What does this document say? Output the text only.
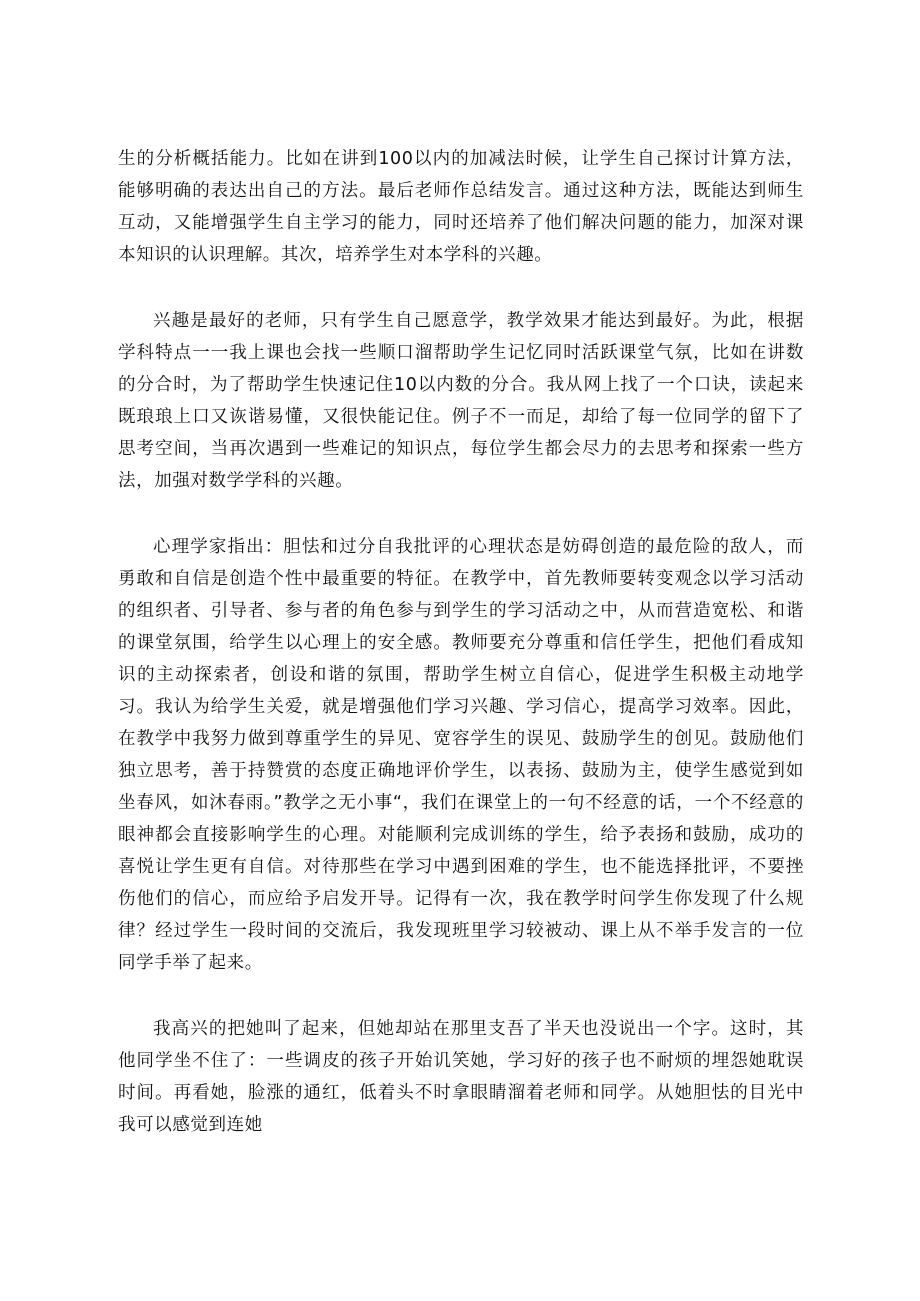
生的分析概括能力。比如在讲到100以内的加减法时候，让学生自己探讨计算方法，能够明确的表达出自己的方法。最后老师作总结发言。通过这种方法，既能达到师生互动，又能增强学生自主学习的能力，同时还培养了他们解决问题的能力，加深对课本知识的认识理解。其次，培养学生对本学科的兴趣。

兴趣是最好的老师，只有学生自己愿意学，教学效果才能达到最好。为此，根据学科特点一一我上课也会找一些顺口溜帮助学生记忆同时活跃课堂气氛，比如在讲数的分合时，为了帮助学生快速记住10以内数的分合。我从网上找了一个口诀，读起来既琅琅上口又诙谐易懂，又很快能记住。例子不一而足，却给了每一位同学的留下了思考空间，当再次遇到一些难记的知识点，每位学生都会尽力的去思考和探索一些方法，加强对数学学科的兴趣。

心理学家指出：胆怯和过分自我批评的心理状态是妨碍创造的最危险的敌人，而勇敢和自信是创造个性中最重要的特征。在教学中，首先教师要转变观念以学习活动的组织者、引导者、参与者的角色参与到学生的学习活动之中，从而营造宽松、和谐的课堂氛围，给学生以心理上的安全感。教师要充分尊重和信任学生，把他们看成知识的主动探索者，创设和谐的氛围，帮助学生树立自信心，促进学生积极主动地学习。我认为给学生关爱，就是增强他们学习兴趣、学习信心，提高学习效率。因此，在教学中我努力做到尊重学生的异见、宽容学生的误见、鼓励学生的创见。鼓励他们独立思考，善于持赞赏的态度正确地评价学生，以表扬、鼓励为主，使学生感觉到如坐春风，如沐春雨。”教学之无小事“，我们在课堂上的一句不经意的话，一个不经意的眼神都会直接影响学生的心理。对能顺利完成训练的学生，给予表扬和鼓励，成功的喜悦让学生更有自信。对待那些在学习中遇到困难的学生，也不能选择批评，不要挫伤他们的信心，而应给予启发开导。记得有一次，我在教学时问学生你发现了什么规律？经过学生一段时间的交流后，我发现班里学习较被动、课上从不举手发言的一位同学手举了起来。

我高兴的把她叫了起来，但她却站在那里支吾了半天也没说出一个字。这时，其他同学坐不住了：一些调皮的孩子开始讥笑她，学习好的孩子也不耐烦的埋怨她耽误时间。再看她，脸涨的通红，低着头不时拿眼睛溜着老师和同学。从她胆怯的目光中我可以感觉到连她
